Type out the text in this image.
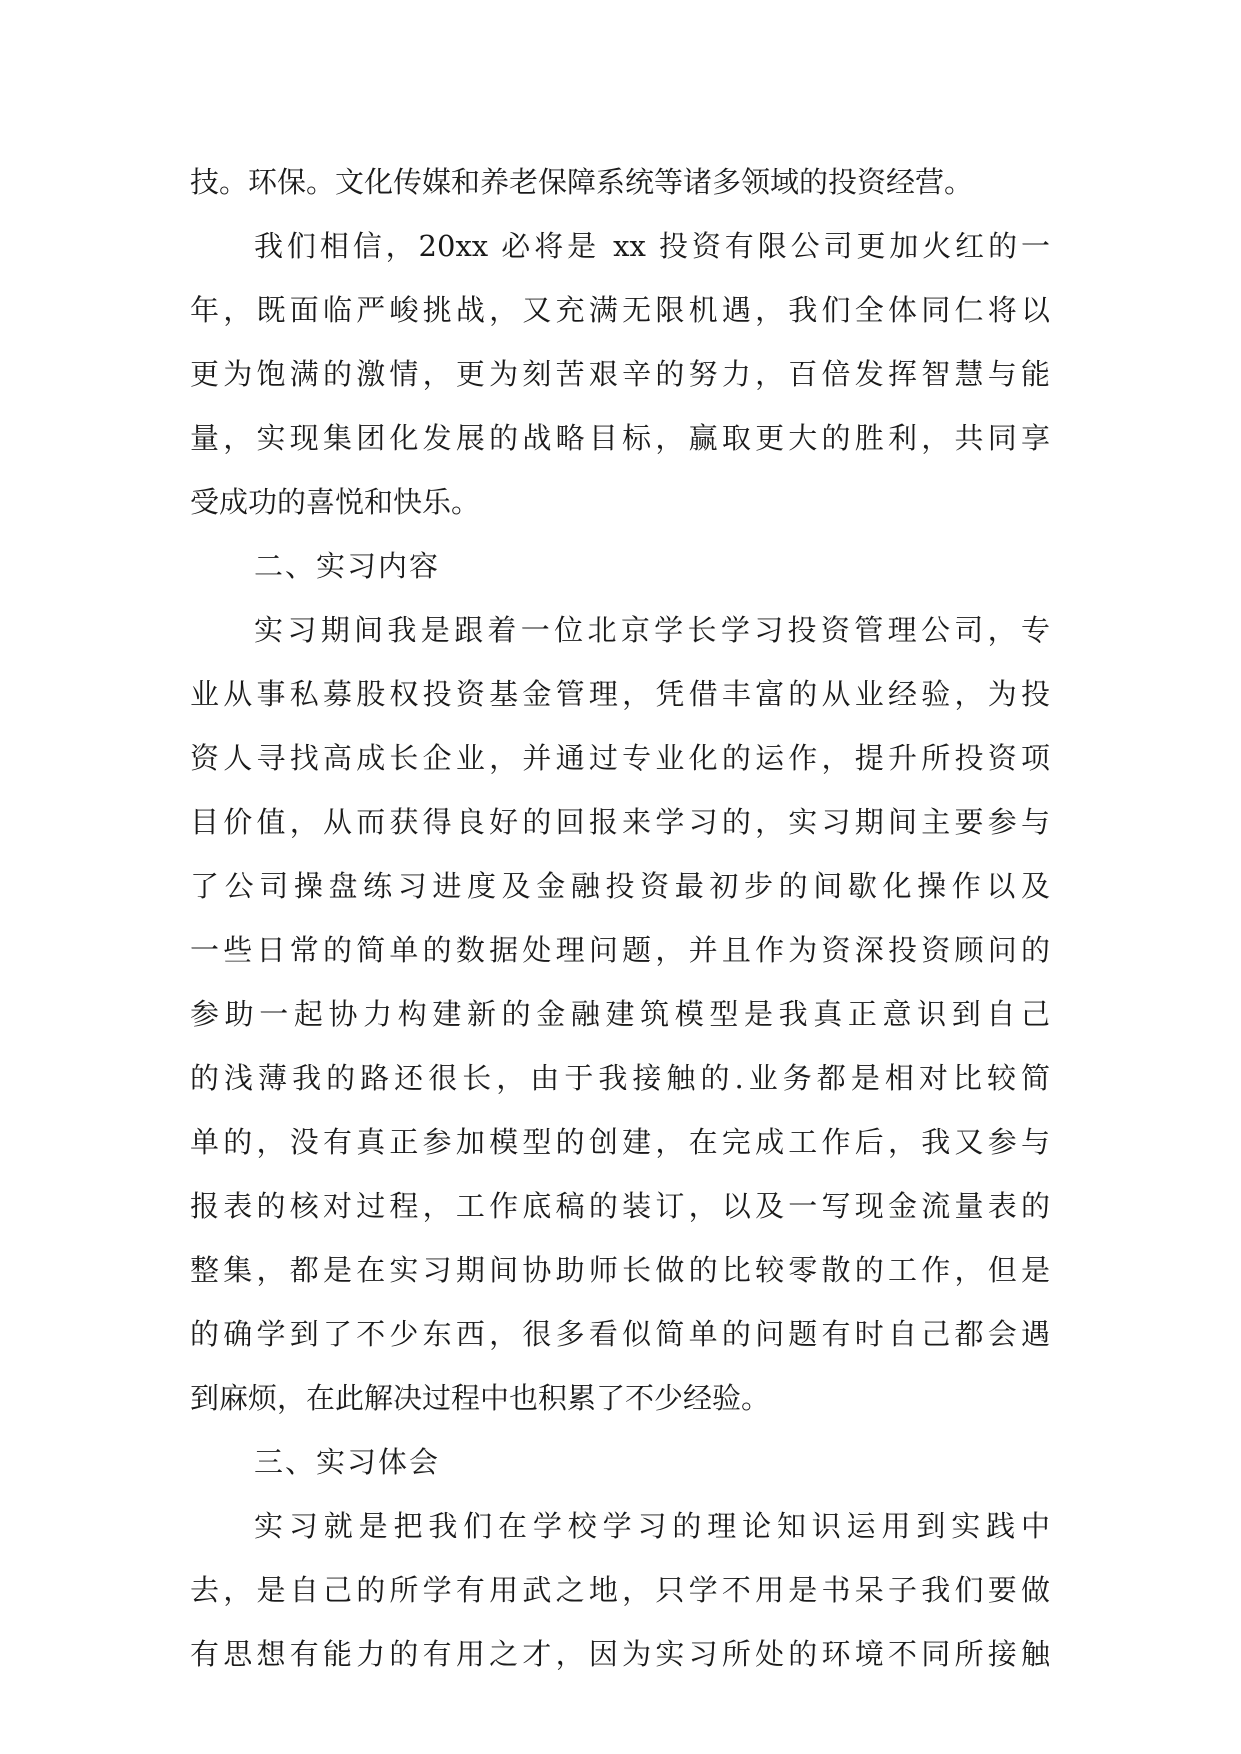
技。环保。文化传媒和养老保障系统等诸多领域的投资经营。
我们相信，20xx 必将是 xx 投资有限公司更加火红的一
年，既面临严峻挑战，又充满无限机遇，我们全体同仁将以
更为饱满的激情，更为刻苦艰辛的努力，百倍发挥智慧与能
量，实现集团化发展的战略目标，赢取更大的胜利，共同享
受成功的喜悦和快乐。
二、实习内容
实习期间我是跟着一位北京学长学习投资管理公司，专
业从事私募股权投资基金管理，凭借丰富的从业经验，为投
资人寻找高成长企业，并通过专业化的运作，提升所投资项
目价值，从而获得良好的回报来学习的，实习期间主要参与
了公司操盘练习进度及金融投资最初步的间歇化操作以及
一些日常的简单的数据处理问题，并且作为资深投资顾问的
参助一起协力构建新的金融建筑模型是我真正意识到自己
的浅薄我的路还很长，由于我接触的.业务都是相对比较简
单的，没有真正参加模型的创建，在完成工作后，我又参与
报表的核对过程，工作底稿的装订，以及一写现金流量表的
整集，都是在实习期间协助师长做的比较零散的工作，但是
的确学到了不少东西，很多看似简单的问题有时自己都会遇
到麻烦，在此解决过程中也积累了不少经验。
三、实习体会
实习就是把我们在学校学习的理论知识运用到实践中
去，是自己的所学有用武之地，只学不用是书呆子我们要做
有思想有能力的有用之才，因为实习所处的环境不同所接触
